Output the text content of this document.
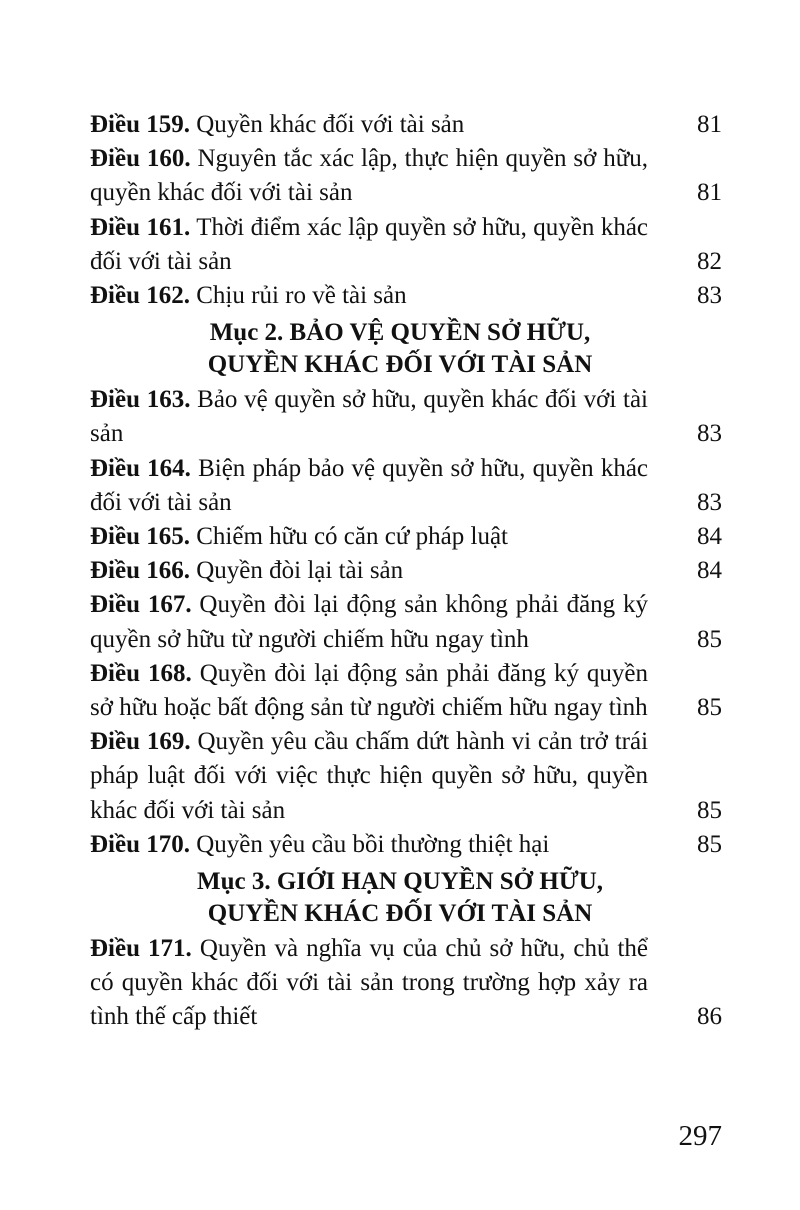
Điều 159. Quyền khác đối với tài sản	81
Điều 160. Nguyên tắc xác lập, thực hiện quyền sở hữu, quyền khác đối với tài sản	81
Điều 161. Thời điểm xác lập quyền sở hữu, quyền khác đối với tài sản	82
Điều 162. Chịu rủi ro về tài sản	83
Mục 2. BẢO VỆ QUYỀN SỞ HỮU,
QUYỀN KHÁC ĐỐI VỚI TÀI SẢN
Điều 163. Bảo vệ quyền sở hữu, quyền khác đối với tài sản	83
Điều 164. Biện pháp bảo vệ quyền sở hữu, quyền khác đối với tài sản	83
Điều 165. Chiếm hữu có căn cứ pháp luật	84
Điều 166. Quyền đòi lại tài sản	84
Điều 167. Quyền đòi lại động sản không phải đăng ký quyền sở hữu từ người chiếm hữu ngay tình	85
Điều 168. Quyền đòi lại động sản phải đăng ký quyền sở hữu hoặc bất động sản từ người chiếm hữu ngay tình	85
Điều 169. Quyền yêu cầu chấm dứt hành vi cản trở trái pháp luật đối với việc thực hiện quyền sở hữu, quyền khác đối với tài sản	85
Điều 170. Quyền yêu cầu bồi thường thiệt hại	85
Mục 3. GIỚI HẠN QUYỀN SỞ HỮU,
QUYỀN KHÁC ĐỐI VỚI TÀI SẢN
Điều 171. Quyền và nghĩa vụ của chủ sở hữu, chủ thể có quyền khác đối với tài sản trong trường hợp xảy ra tình thế cấp thiết	86
297
